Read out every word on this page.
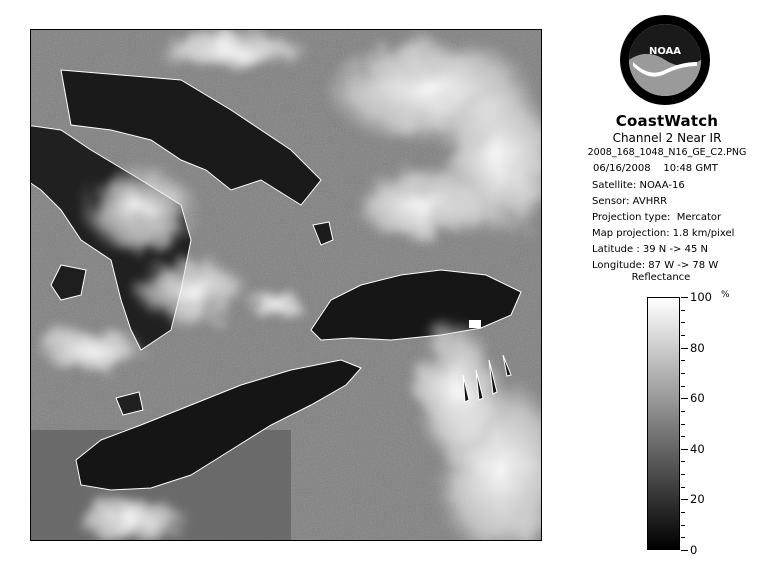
NOAA
CoastWatch
Channel 2 Near IR
2008_168_1048_N16_GE_C2.PNG
06/16/2008    10:48 GMT
Satellite: NOAA-16
Sensor: AVHRR
Projection type:  Mercator
Map projection: 1.8 km/pixel
Latitude : 39 N -> 45 N
Longitude: 87 W -> 78 W
Reflectance
%
100
80
60
40
20
0
